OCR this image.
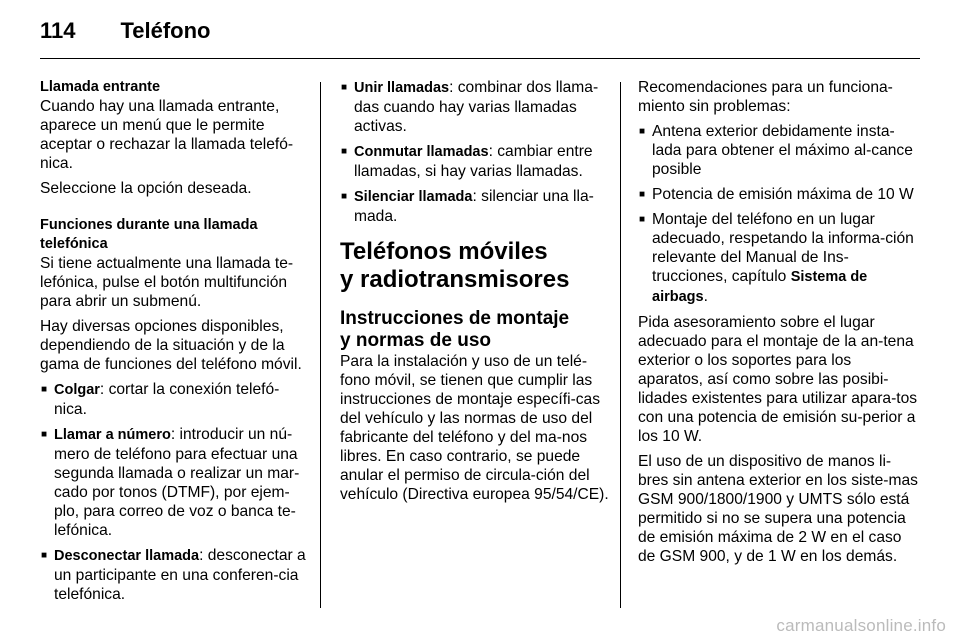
114 Teléfono
Llamada entrante

Cuando hay una llamada entrante, aparece un menú que le permite aceptar o rechazar la llamada telefó-nica.

Seleccione la opción deseada.

Funciones durante una llamada telefónica

Si tiene actualmente una llamada te-lefónica, pulse el botón multifunción para abrir un submenú.

Hay diversas opciones disponibles, dependiendo de la situación y de la gama de funciones del teléfono móvil.

■ Colgar: cortar la conexión telefó-nica.
■ Llamar a número: introducir un nú-mero de teléfono para efectuar una segunda llamada o realizar un mar-cado por tonos (DTMF), por ejem-plo, para correo de voz o banca te-lefónica.
■ Desconectar llamada: desconectar a un participante en una conferen-cia telefónica.
■ Unir llamadas: combinar dos llama-das cuando hay varias llamadas activas.
■ Conmutar llamadas: cambiar entre llamadas, si hay varias llamadas.
■ Silenciar llamada: silenciar una lla-mada.
Teléfonos móviles
y radiotransmisores
Instrucciones de montaje
y normas de uso

Para la instalación y uso de un telé-fono móvil, se tienen que cumplir las instrucciones de montaje específi-cas del vehículo y las normas de uso del fabricante del teléfono y del ma-nos libres. En caso contrario, se puede anular el permiso de circula-ción del vehículo (Directiva europea 95/54/CE).

Recomendaciones para un funciona-miento sin problemas:

■ Antena exterior debidamente insta-lada para obtener el máximo al-cance posible
■ Potencia de emisión máxima de 10 W
■ Montaje del teléfono en un lugar adecuado, respetando la informa-ción relevante del Manual de Ins-trucciones, capítulo Sistema de airbags.

Pida asesoramiento sobre el lugar adecuado para el montaje de la an-tena exterior o los soportes para los aparatos, así como sobre las posibi-lidades existentes para utilizar apara-tos con una potencia de emisión su-perior a los 10 W.

El uso de un dispositivo de manos li-bres sin antena exterior en los siste-mas GSM 900/1800/1900 y UMTS sólo está permitido si no se supera una potencia de emisión máxima de 2 W en el caso de GSM 900, y de 1 W en los demás.

carmanualsonline.info
